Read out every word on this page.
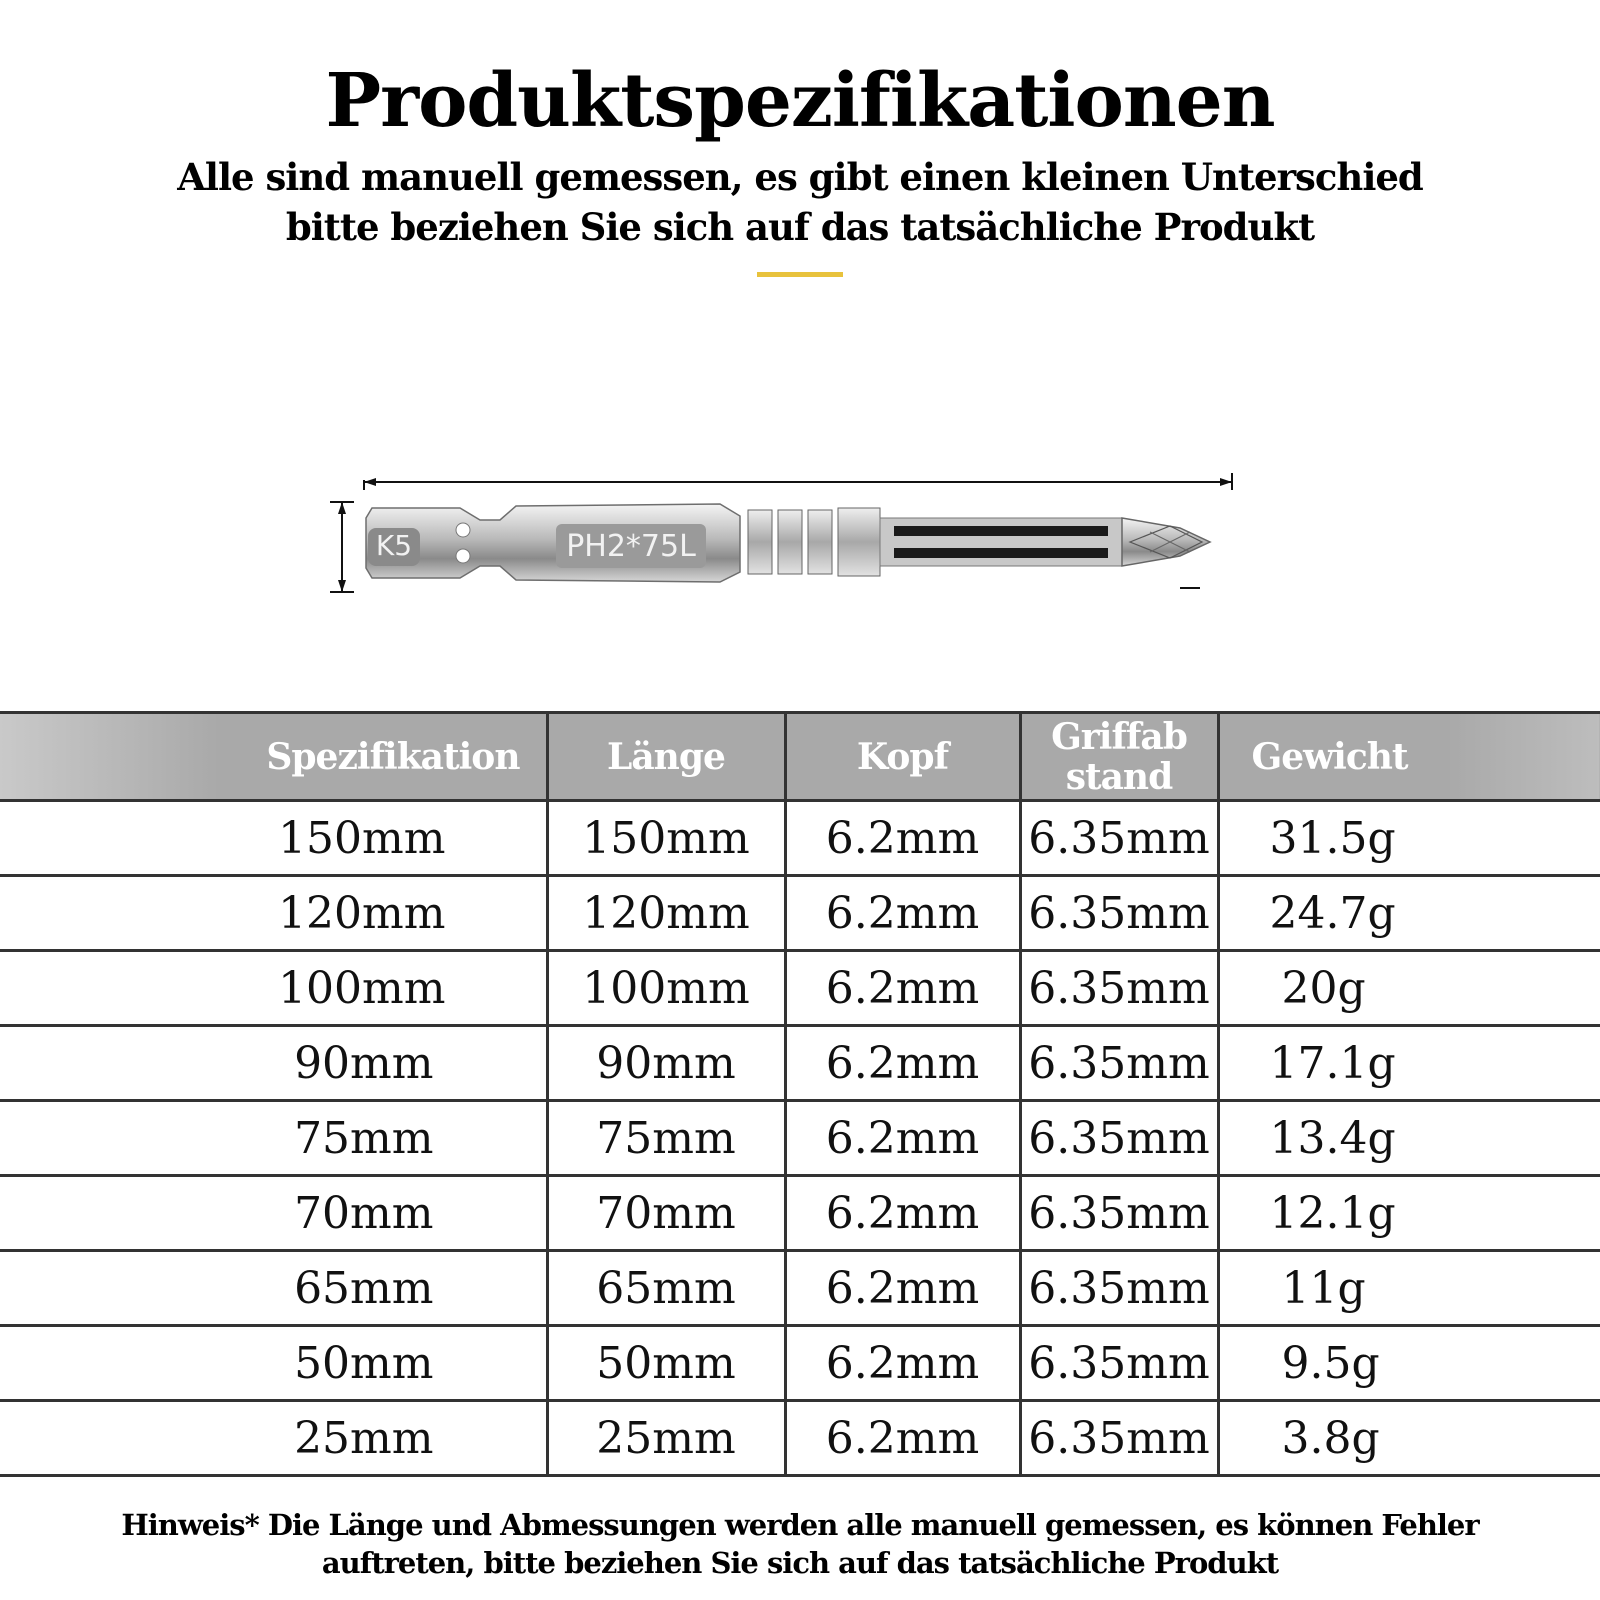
Produktspezifikationen
Alle sind manuell gemessen, es gibt einen kleinen Unterschied
bitte beziehen Sie sich auf das tatsächliche Produkt
K5	PH2*75L
Spezifikation	Länge	Kopf	Griffab stand	Gewicht
150mm	150mm	6.2mm	6.35mm	31.5g
120mm	120mm	6.2mm	6.35mm	24.7g
100mm	100mm	6.2mm	6.35mm	20g
90mm	90mm	6.2mm	6.35mm	17.1g
75mm	75mm	6.2mm	6.35mm	13.4g
70mm	70mm	6.2mm	6.35mm	12.1g
65mm	65mm	6.2mm	6.35mm	11g
50mm	50mm	6.2mm	6.35mm	9.5g
25mm	25mm	6.2mm	6.35mm	3.8g
Hinweis* Die Länge und Abmessungen werden alle manuell gemessen, es können Fehler
auftreten, bitte beziehen Sie sich auf das tatsächliche Produkt
